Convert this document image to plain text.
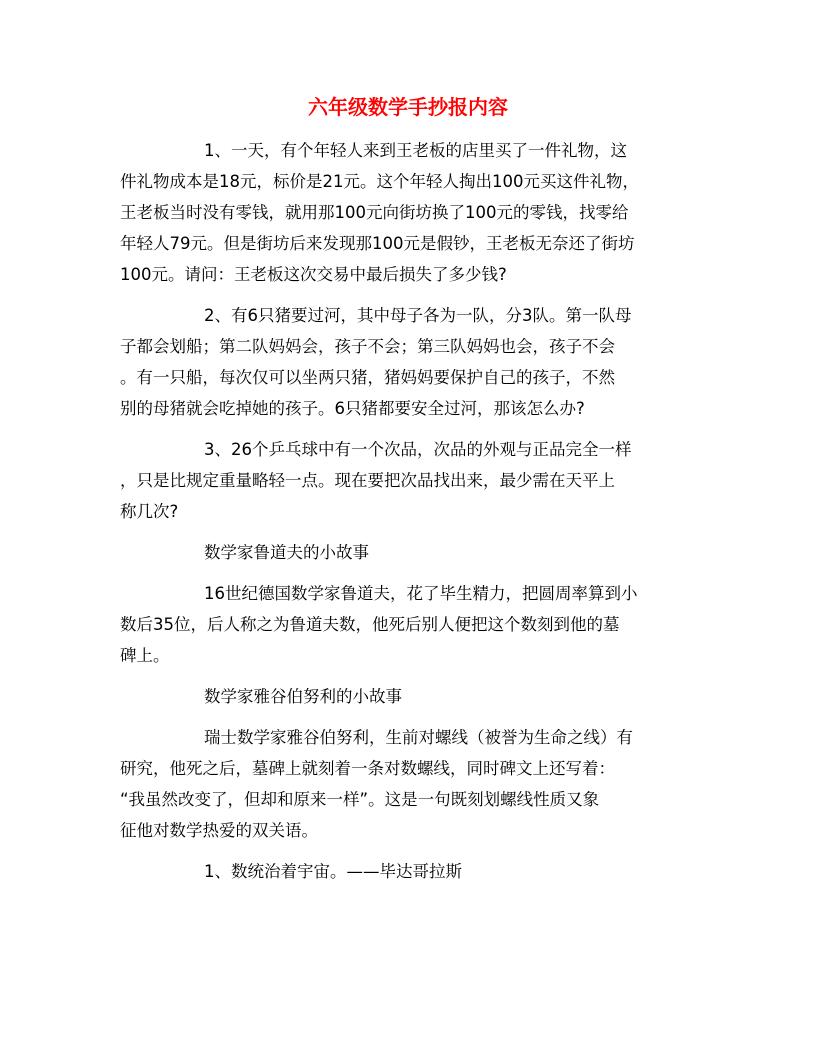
六年级数学手抄报内容
1、一天，有个年轻人来到王老板的店里买了一件礼物，这
件礼物成本是18元，标价是21元。这个年轻人掏出100元买这件礼物，
王老板当时没有零钱，就用那100元向街坊换了100元的零钱，找零给
年轻人79元。但是街坊后来发现那100元是假钞，王老板无奈还了街坊
100元。请问：王老板这次交易中最后损失了多少钱?
2、有6只猪要过河，其中母子各为一队，分3队。第一队母
子都会划船；第二队妈妈会，孩子不会；第三队妈妈也会，孩子不会
。有一只船，每次仅可以坐两只猪，猪妈妈要保护自己的孩子，不然
别的母猪就会吃掉她的孩子。6只猪都要安全过河，那该怎么办?
3、26个乒乓球中有一个次品，次品的外观与正品完全一样
，只是比规定重量略轻一点。现在要把次品找出来，最少需在天平上
称几次?

数学家鲁道夫的小故事

16世纪德国数学家鲁道夫，花了毕生精力，把圆周率算到小
数后35位，后人称之为鲁道夫数，他死后别人便把这个数刻到他的墓
碑上。

数学家雅谷伯努利的小故事

瑞士数学家雅谷伯努利，生前对螺线（被誉为生命之线）有
研究，他死之后，墓碑上就刻着一条对数螺线，同时碑文上还写着：
“我虽然改变了，但却和原来一样”。这是一句既刻划螺线性质又象
征他对数学热爱的双关语。

1、数统治着宇宙。——毕达哥拉斯
